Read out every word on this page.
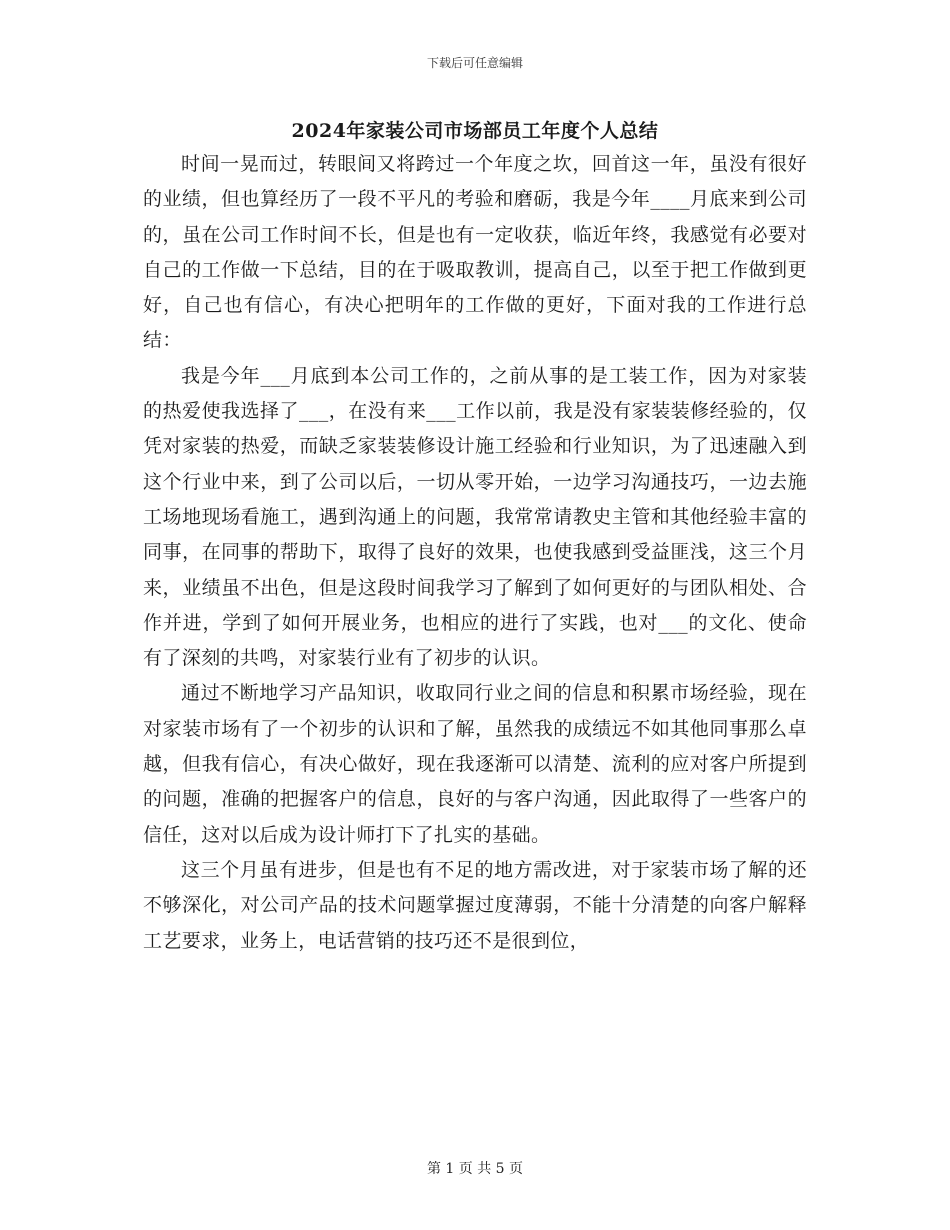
下载后可任意编辑
2024年家装公司市场部员工年度个人总结

时间一晃而过，转眼间又将跨过一个年度之坎，回首这一年，虽没有很好的业绩，但也算经历了一段不平凡的考验和磨砺，我是今年____月底来到公司的，虽在公司工作时间不长，但是也有一定收获，临近年终，我感觉有必要对自己的工作做一下总结，目的在于吸取教训，提高自己，以至于把工作做到更好，自己也有信心，有决心把明年的工作做的更好，下面对我的工作进行总结：

我是今年___月底到本公司工作的，之前从事的是工装工作，因为对家装的热爱使我选择了___，在没有来___工作以前，我是没有家装装修经验的，仅凭对家装的热爱，而缺乏家装装修设计施工经验和行业知识，为了迅速融入到这个行业中来，到了公司以后，一切从零开始，一边学习沟通技巧，一边去施工场地现场看施工，遇到沟通上的问题，我常常请教史主管和其他经验丰富的同事，在同事的帮助下，取得了良好的效果，也使我感到受益匪浅，这三个月来，业绩虽不出色，但是这段时间我学习了解到了如何更好的与团队相处、合作并进，学到了如何开展业务，也相应的进行了实践，也对___的文化、使命有了深刻的共鸣，对家装行业有了初步的认识。

通过不断地学习产品知识，收取同行业之间的信息和积累市场经验，现在对家装市场有了一个初步的认识和了解，虽然我的成绩远不如其他同事那么卓越，但我有信心，有决心做好，现在我逐渐可以清楚、流利的应对客户所提到的问题，准确的把握客户的信息，良好的与客户沟通，因此取得了一些客户的信任，这对以后成为设计师打下了扎实的基础。

这三个月虽有进步，但是也有不足的地方需改进，对于家装市场了解的还不够深化，对公司产品的技术问题掌握过度薄弱，不能十分清楚的向客户解释工艺要求，业务上，电话营销的技巧还不是很到位，

第 1 页 共 5 页
